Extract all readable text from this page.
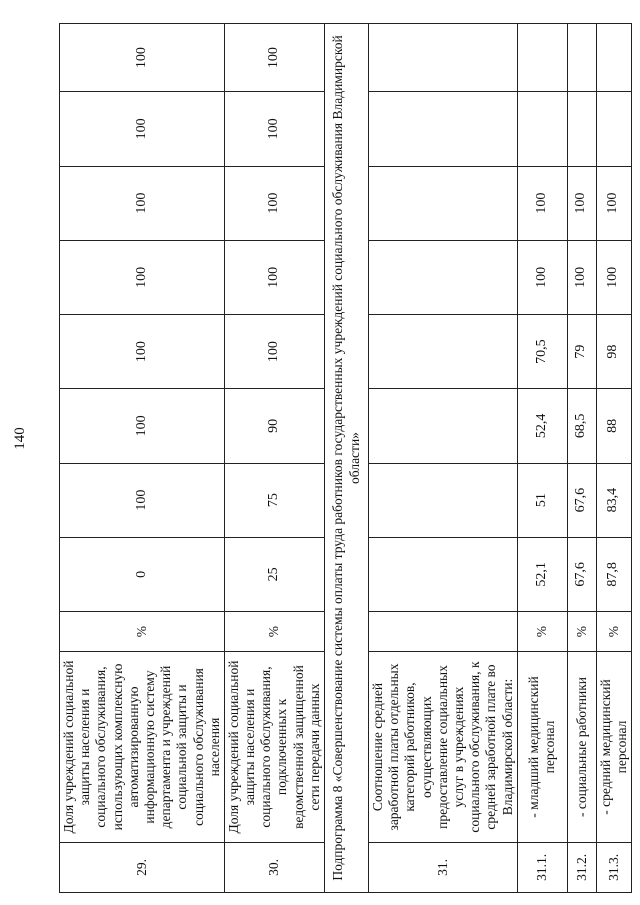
140
29.	Доля учреждений социальной защиты населения и социального обслуживания, использующих комплексную автоматизированную информационную систему департамента и учреждений социальной защиты и социального обслуживания населения	%	0	100	100	100	100	100	100	100
30.	Доля учреждений социальной защиты населения и социального обслуживания, подключенных к ведомственной защищенной сети передачи данных	%	25	75	90	100	100	100	100	100
Подпрограмма 8 «Совершенствование системы оплаты труда работников государственных учреждений социального обслуживания Владимирской области»										
31.	Соотношение средней заработной платы отдельных категорий работников, осуществляющих предоставление социальных услуг в учреждениях социального обслуживания, к средней заработной плате во Владимирской области:									
31.1.	- младший медицинский персонал	%	52,1	51	52,4	70,5	100	100		
31.2.	- социальные работники	%	67,6	67,6	68,5	79	100	100		
31.3.	- средний медицинский персонал	%	87,8	83,4	88	98	100	100		
